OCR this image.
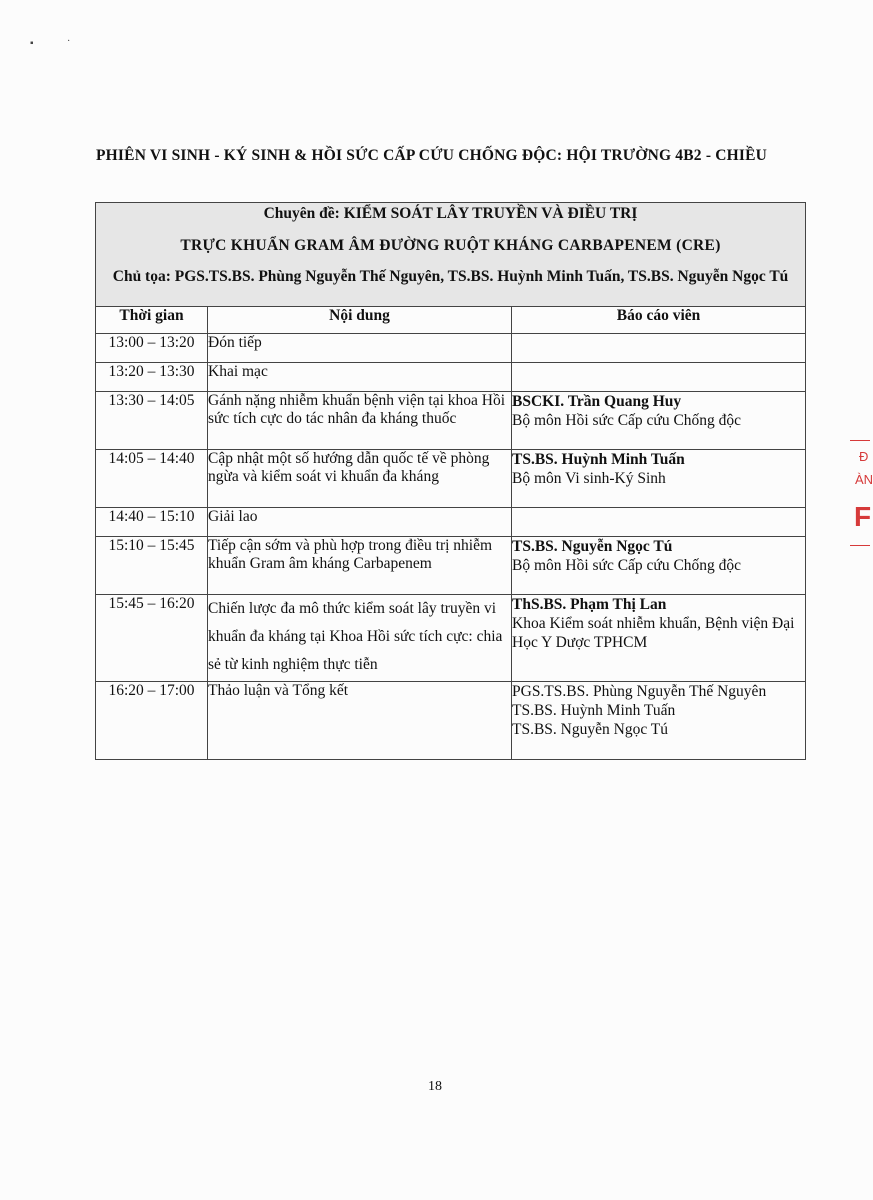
▪	·
PHIÊN VI SINH - KÝ SINH & HỒI SỨC CẤP CỨU CHỐNG ĐỘC: HỘI TRƯỜNG 4B2 - CHIỀU
Chuyên đề: KIỂM SOÁT LÂY TRUYỀN VÀ ĐIỀU TRỊ
TRỰC KHUẨN GRAM ÂM ĐƯỜNG RUỘT KHÁNG CARBAPENEM (CRE)
Chủ tọa: PGS.TS.BS. Phùng Nguyễn Thế Nguyên, TS.BS. Huỳnh Minh Tuấn, TS.BS. Nguyễn Ngọc Tú		

Thời gian	Nội dung	Báo cáo viên
13:00 – 13:20	Đón tiếp	

13:20 – 13:30	Khai mạc	

13:30 – 14:05	Gánh nặng nhiễm khuẩn bệnh viện tại khoa Hồi sức tích cực do tác nhân đa kháng thuốc	BSCKI. Trần Quang Huy
Bộ môn Hồi sức Cấp cứu Chống độc

14:05 – 14:40	Cập nhật một số hướng dẫn quốc tế về phòng ngừa và kiểm soát vi khuẩn đa kháng	TS.BS. Huỳnh Minh Tuấn
Bộ môn Vi sinh-Ký Sinh

14:40 – 15:10	Giải lao	

15:10 – 15:45	Tiếp cận sớm và phù hợp trong điều trị nhiễm khuẩn Gram âm kháng Carbapenem	TS.BS. Nguyễn Ngọc Tú
Bộ môn Hồi sức Cấp cứu Chống độc

15:45 – 16:20	Chiến lược đa mô thức kiểm soát lây truyền vi khuẩn đa kháng tại Khoa Hồi sức tích cực: chia sẻ từ kinh nghiệm thực tiễn	ThS.BS. Phạm Thị Lan
Khoa Kiểm soát nhiễm khuẩn, Bệnh viện Đại Học Y Dược TPHCM

16:20 – 17:00	Thảo luận và Tổng kết	PGS.TS.BS. Phùng Nguyễn Thế Nguyên
TS.BS. Huỳnh Minh Tuấn
TS.BS. Nguyễn Ngọc Tú
18
Đ
ÀN
F
